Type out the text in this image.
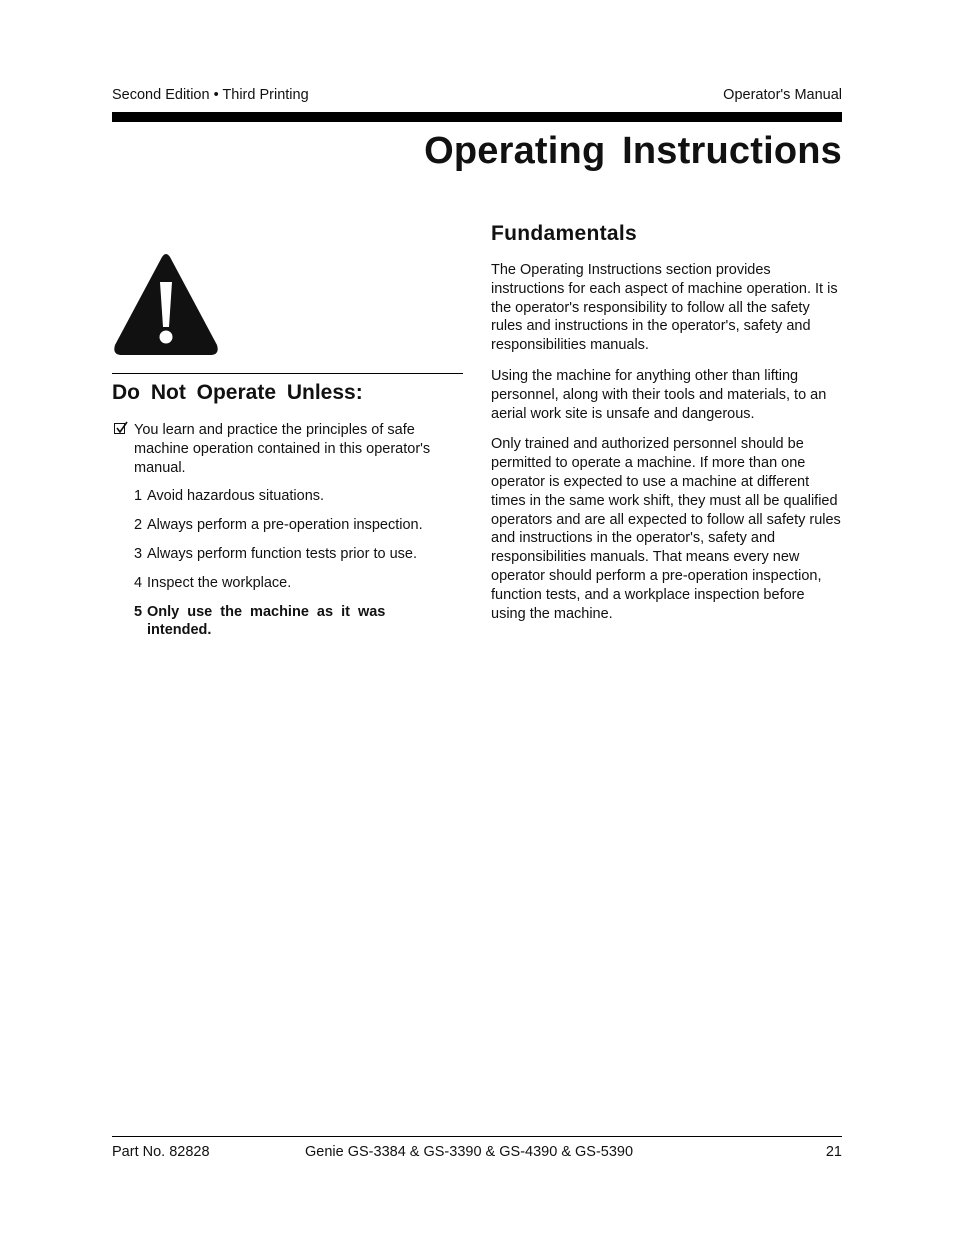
Second Edition • Third Printing	Operator's Manual
Operating Instructions
Do Not Operate Unless:
You learn and practice the principles of safe machine operation contained in this operator's manual.
1 Avoid hazardous situations.
2 Always perform a pre-operation inspection.
3 Always perform function tests prior to use.
4 Inspect the workplace.
5 Only use the machine as it was intended.
Fundamentals

The Operating Instructions section provides instructions for each aspect of machine operation. It is the operator's responsibility to follow all the safety rules and instructions in the operator's, safety and responsibilities manuals.

Using the machine for anything other than lifting personnel, along with their tools and materials, to an aerial work site is unsafe and dangerous.

Only trained and authorized personnel should be permitted to operate a machine. If more than one operator is expected to use a machine at different times in the same work shift, they must all be qualified operators and are all expected to follow all safety rules and instructions in the operator's, safety and responsibilities manuals. That means every new operator should perform a pre-operation inspection, function tests, and a workplace inspection before using the machine.

Part No. 82828	Genie GS-3384 & GS-3390 & GS-4390 & GS-5390	21
